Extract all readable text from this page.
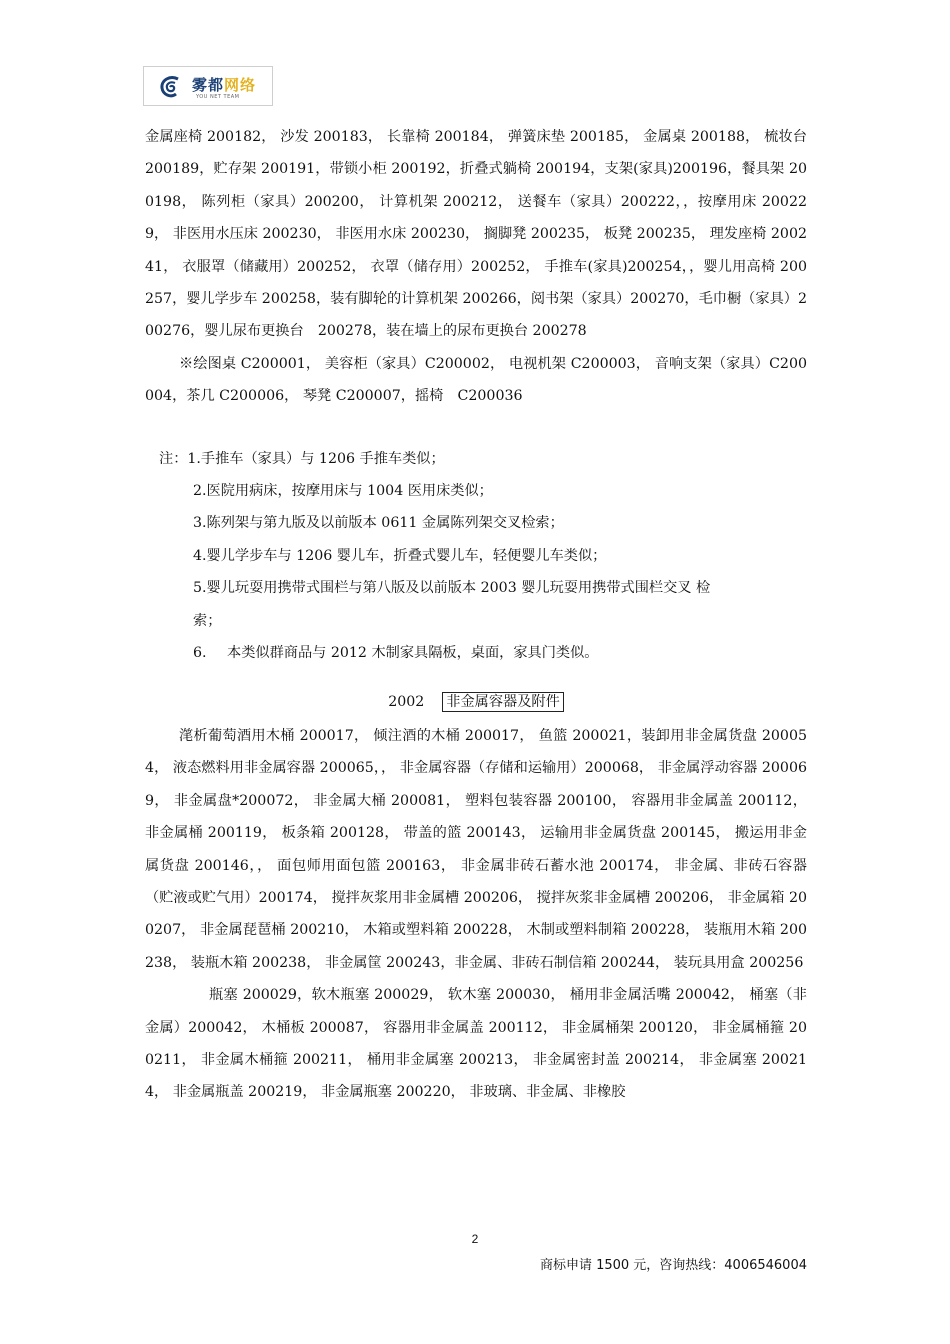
雾都网络
YOU NET TEAM

金属座椅 200182， 沙发 200183， 长靠椅 200184， 弹簧床垫 200185， 金属桌 200188， 梳妆台 200189，贮存架 200191，带锁小柜 200192，折叠式躺椅 200194，支架(家具)200196，餐具架 200198， 陈列柜（家具）200200， 计算机架 200212， 送餐车（家具）200222，，按摩用床 200229， 非医用水压床 200230， 非医用水床 200230， 搁脚凳 200235， 板凳 200235， 理发座椅 200241， 衣服罩（储藏用）200252， 衣罩（储存用）200252， 手推车(家具)200254，，婴儿用高椅 200257，婴儿学步车 200258，装有脚轮的计算机架 200266，阅书架（家具）200270，毛巾橱（家具）200276，婴儿尿布更换台　200278，装在墙上的尿布更换台 200278

※绘图桌 C200001， 美容柜（家具）C200002， 电视机架 C200003， 音响支架（家具）C200004，茶几 C200006， 琴凳 C200007，摇椅　C200036

注：1.手推车（家具）与 1206 手推车类似；

2.医院用病床，按摩用床与 1004 医用床类似；

3.陈列架与第九版及以前版本 0611 金属陈列架交叉检索；

4.婴儿学步车与 1206 婴儿车，折叠式婴儿车，轻便婴儿车类似；

5.婴儿玩耍用携带式围栏与第八版及以前版本 2003 婴儿玩耍用携带式围栏交叉 检

索；

6. 本类似群商品与 2012 木制家具隔板，桌面，家具门类似。

2002 非金属容器及附件

滗析葡萄酒用木桶 200017， 倾注酒的木桶 200017， 鱼篮 200021，装卸用非金属货盘 200054， 液态燃料用非金属容器 200065，， 非金属容器（存储和运输用）200068， 非金属浮动容器 200069， 非金属盘*200072， 非金属大桶 200081， 塑料包装容器 200100， 容器用非金属盖 200112， 非金属桶 200119， 板条箱 200128， 带盖的篮 200143， 运输用非金属货盘 200145， 搬运用非金属货盘 200146，， 面包师用面包篮 200163， 非金属非砖石蓄水池 200174， 非金属、非砖石容器（贮液或贮气用）200174， 搅拌灰浆用非金属槽 200206， 搅拌灰浆非金属槽 200206， 非金属箱 200207， 非金属琵琶桶 200210， 木箱或塑料箱 200228， 木制或塑料制箱 200228， 装瓶用木箱 200238， 装瓶木箱 200238， 非金属筐 200243，非金属、非砖石制信箱 200244， 装玩具用盒 200256

瓶塞 200029，软木瓶塞 200029， 软木塞 200030， 桶用非金属活嘴 200042， 桶塞（非金属）200042， 木桶板 200087， 容器用非金属盖 200112， 非金属桶架 200120， 非金属桶箍 200211， 非金属木桶箍 200211， 桶用非金属塞 200213， 非金属密封盖 200214， 非金属塞 200214， 非金属瓶盖 200219， 非金属瓶塞 200220， 非玻璃、非金属、非橡胶

2
商标申请 1500 元，咨询热线：4006546004
